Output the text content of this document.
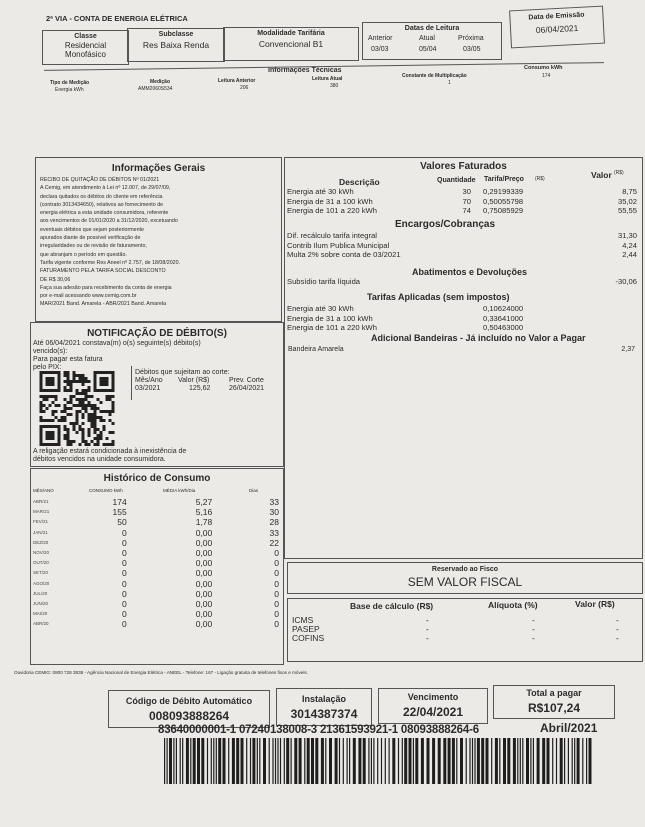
2ª VIA - CONTA DE ENERGIA ELÉTRICA
Classe
Residencial Monofásico
Subclasse
Res Baixa Renda
Modalidade Tarifária
Convencional B1
Datas de Leitura
Anterior	Atual	Próxima
03/03	05/04	03/05
Data de Emissão
06/04/2021
Informações Técnicas
Tipo de Medição
Energia kWh
Medição
AMM2060S534
Leitura Anterior
206
Leitura Atual
380
Constante de Multiplicação
1
Consumo kWh
174
Informações Gerais
RECIBO DE QUITAÇÃO DE DÉBITOS Nº 01/2021
A Cemig, em atendimento à Lei nº 12.007, de 29/07/09,
declara quitados os débitos do cliente em referência
(contrato 3013434650), relativos ao fornecimento de
energia elétrica a esta unidade consumidora, referente
aos vencimentos de 01/01/2020 a 31/12/2020, excetuando
eventuais débitos que sejam posteriormente
apurados diante de possível verificação de
irregularidades ou de revisão de faturamento,
que abranjam o período em questão.
Tarifa vigente conforme Res Aneel nº 2.757, de 18/08/2020.
FATURAMENTO PELA TARIFA SOCIAL DESCONTO
DE R$ 30,06
Faça sua adesão para recebimento da conta de energia
por e-mail acessando www.cemig.com.br
MAR/2021 Band. Amarela - ABR/2021 Band. Amarela
NOTIFICAÇÃO DE DÉBITO(S)
Até 06/04/2021 constava(m) o(s) seguinte(s) débito(s)
vencido(s):
Para pagar esta fatura
pelo PIX:
Débitos que sujeitam ao corte:
Mês/Ano Valor (R$)	Prev. Corte
03/2021	125,62	26/04/2021
A religação estará condicionada à inexistência de
débitos vencidos na unidade consumidora.
Histórico de Consumo
MÊS/ANO	CONSUMO kWh	MÉDIA kWh/Dia	Dias
ABR/21	174	5,27	33
MAR/21	155	5,16	30
FEV/21	50	1,78	28
JAN/21	0	0,00	33
DEZ/20	0	0,00	22
NOV/20	0	0,00	0
OUT/20	0	0,00	0
SET/20	0	0,00	0
AGO/20	0	0,00	0
JUL/20	0	0,00	0
JUN/20	0	0,00	0
MAI/20	0	0,00	0
ABR/20	0	0,00	0
Valores Faturados
Descrição	Quantidade Tarifa/Preço (R$)	Valor (R$)
Energia até 30 kWh	30 0,29199339	8,75
Energia de 31 a 100 kWh	70 0,50055798	35,02
Energia de 101 a 220 kWh	74 0,75085929	55,55
Encargos/Cobranças
Dif. recálculo tarifa integral	31,30
Contrib Ilum Publica Municipal	4,24
Multa 2% sobre conta de 03/2021	2,44
Abatimentos e Devoluções
Subsídio tarifa líquida	-30,06
Tarifas Aplicadas (sem impostos)
Energia até 30 kWh	0,10624000
Energia de 31 a 100 kWh	0,33641000
Energia de 101 a 220 kWh	0,50463000
Adicional Bandeiras - Já incluído no Valor a Pagar
Bandeira Amarela	2,37
Reservado ao Fisco
SEM VALOR FISCAL
Base de cálculo (R$)	Alíquota (%)	Valor (R$)
ICMS	-	-	-
PASEP	-	-	-
COFINS	-	-	-
Ouvidoria CEMIG: 0800 728 3838 - Agência Nacional de Energia Elétrica - ANEEL - Telefone: 167 - Ligação gratuita de telefones fixos e móveis.
Código de Débito Automático
008093888264
Instalação
3014387374
Vencimento
22/04/2021
Total a pagar
R$107,24
Abril/2021
83640000001-1 07240138008-3 21361593921-1 08093888264-6
